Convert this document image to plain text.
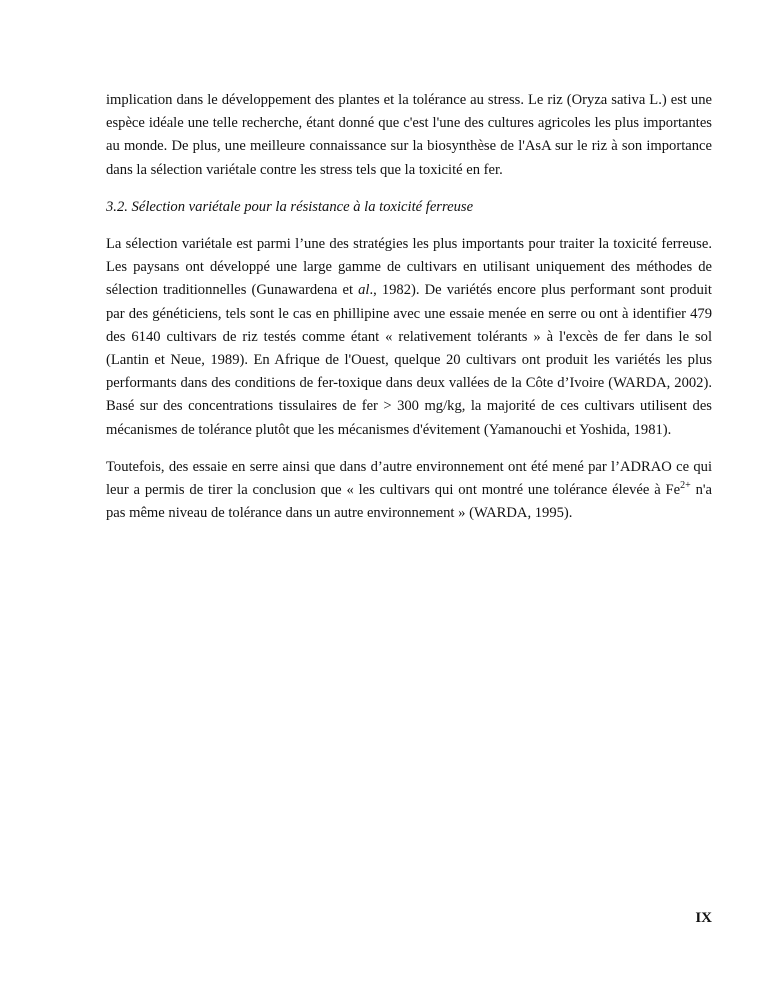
implication dans le développement des plantes et la tolérance au stress. Le riz (Oryza sativa L.) est une espèce idéale une telle recherche, étant donné que c'est l'une des cultures agricoles les plus importantes au monde. De plus, une meilleure connaissance sur la biosynthèse de l'AsA sur le riz à son importance dans la sélection variétale contre les stress tels que la toxicité en fer.

3.2. Sélection variétale pour la résistance à la toxicité ferreuse

La sélection variétale est parmi l’une des stratégies les plus importants pour traiter la toxicité ferreuse. Les paysans ont développé une large gamme de cultivars en utilisant uniquement des méthodes de sélection traditionnelles (Gunawardena et al., 1982). De variétés encore plus performant sont produit par des généticiens, tels sont le cas en phillipine avec une essaie menée en serre ou ont à identifier 479 des 6140 cultivars de riz testés comme étant « relativement tolérants » à l'excès de fer dans le sol (Lantin et Neue, 1989). En Afrique de l'Ouest, quelque 20 cultivars ont produit les variétés les plus performants dans des conditions de fer-toxique dans deux vallées de la Côte d’Ivoire (WARDA, 2002). Basé sur des concentrations tissulaires de fer > 300 mg/kg, la majorité de ces cultivars utilisent des mécanismes de tolérance plutôt que les mécanismes d'évitement (Yamanouchi et Yoshida, 1981).

Toutefois, des essaie en serre ainsi que dans d’autre environnement ont été mené par l’ADRAO ce qui leur a permis de tirer la conclusion que « les cultivars qui ont montré une tolérance élevée à $Fe^{2+}$ n'a pas même niveau de tolérance dans un autre environnement » (WARDA, 1995).

IX
